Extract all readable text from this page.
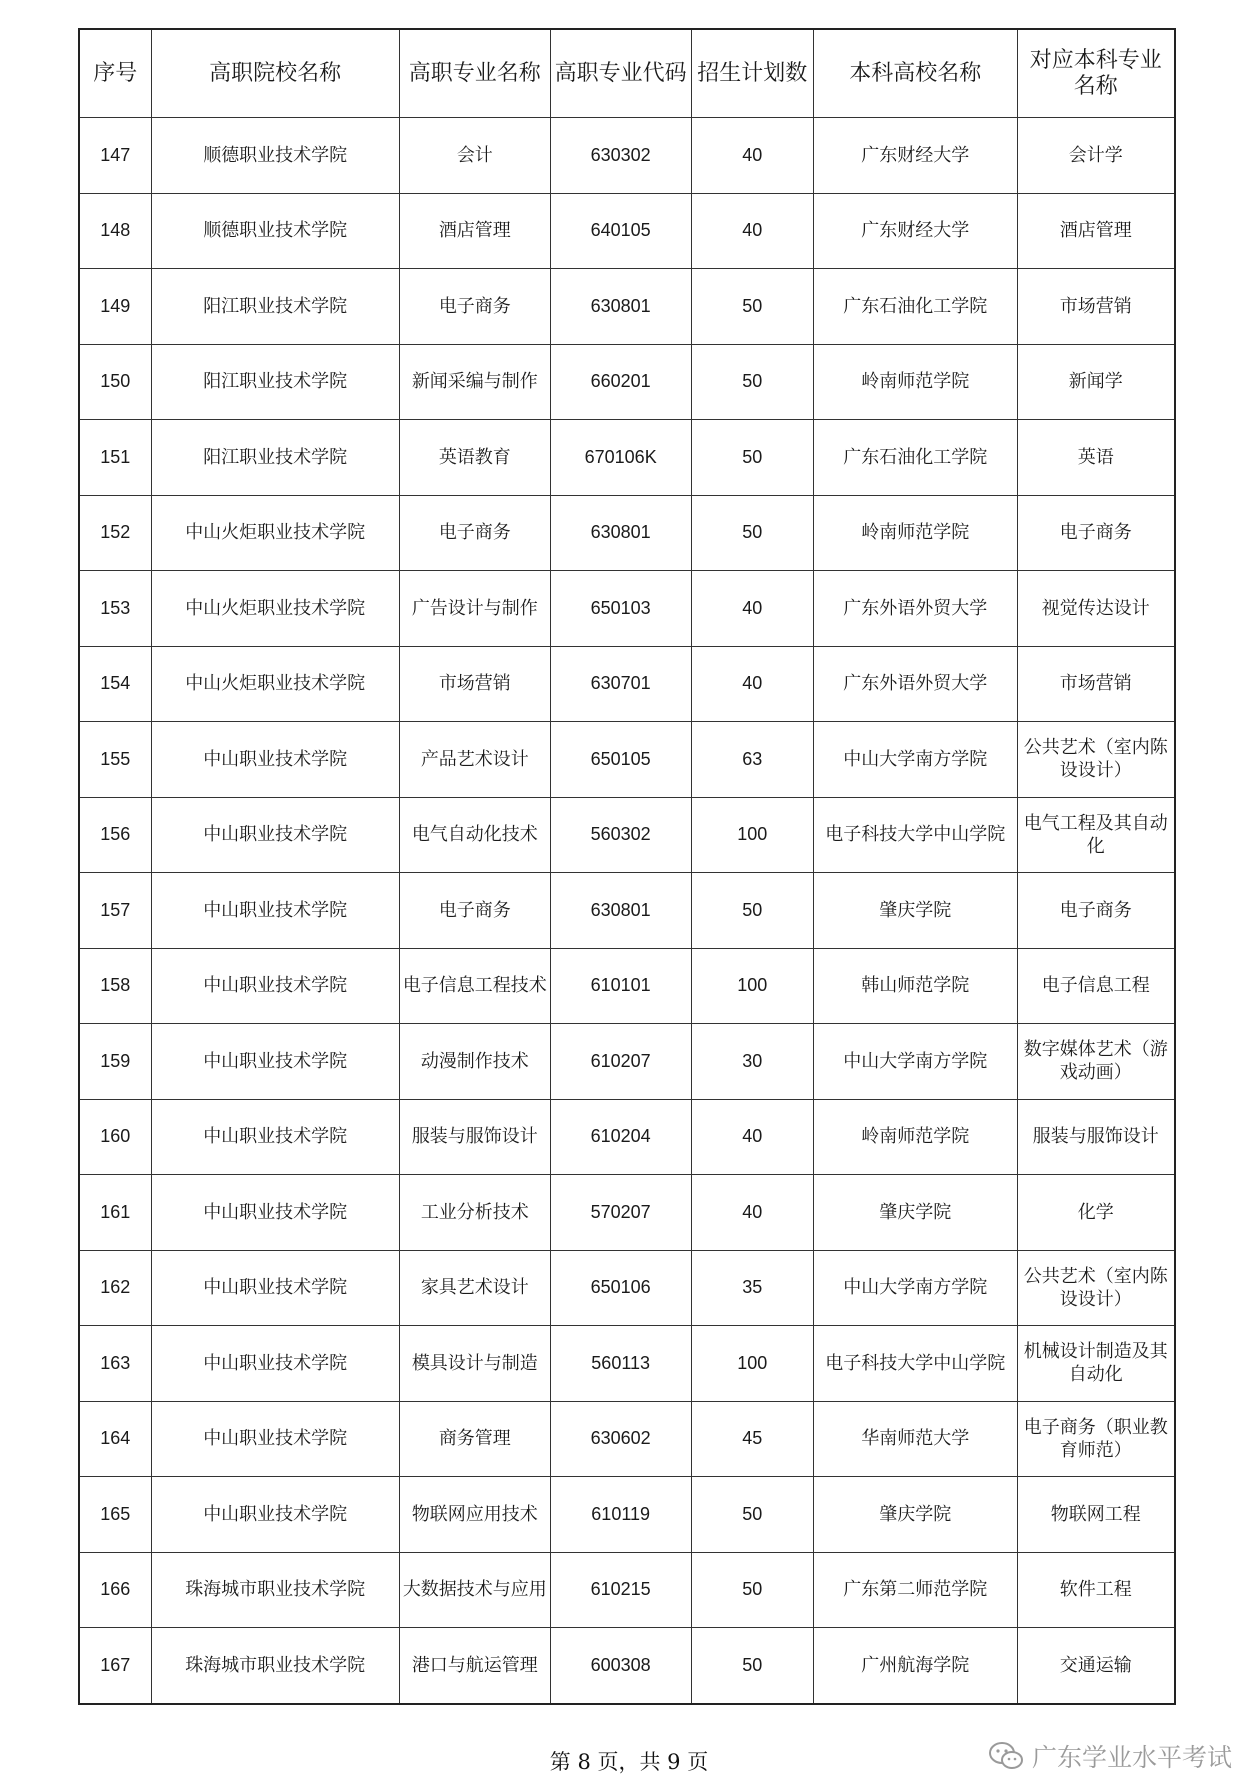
序号	高职院校名称	高职专业名称	高职专业代码	招生计划数	本科高校名称	对应本科专业名称
147	顺德职业技术学院	会计	630302	40	广东财经大学	会计学
148	顺德职业技术学院	酒店管理	640105	40	广东财经大学	酒店管理
149	阳江职业技术学院	电子商务	630801	50	广东石油化工学院	市场营销
150	阳江职业技术学院	新闻采编与制作	660201	50	岭南师范学院	新闻学
151	阳江职业技术学院	英语教育	670106K	50	广东石油化工学院	英语
152	中山火炬职业技术学院	电子商务	630801	50	岭南师范学院	电子商务
153	中山火炬职业技术学院	广告设计与制作	650103	40	广东外语外贸大学	视觉传达设计
154	中山火炬职业技术学院	市场营销	630701	40	广东外语外贸大学	市场营销
155	中山职业技术学院	产品艺术设计	650105	63	中山大学南方学院	公共艺术（室内陈设设计）
156	中山职业技术学院	电气自动化技术	560302	100	电子科技大学中山学院	电气工程及其自动化
157	中山职业技术学院	电子商务	630801	50	肇庆学院	电子商务
158	中山职业技术学院	电子信息工程技术	610101	100	韩山师范学院	电子信息工程
159	中山职业技术学院	动漫制作技术	610207	30	中山大学南方学院	数字媒体艺术（游戏动画）
160	中山职业技术学院	服装与服饰设计	610204	40	岭南师范学院	服装与服饰设计
161	中山职业技术学院	工业分析技术	570207	40	肇庆学院	化学
162	中山职业技术学院	家具艺术设计	650106	35	中山大学南方学院	公共艺术（室内陈设设计）
163	中山职业技术学院	模具设计与制造	560113	100	电子科技大学中山学院	机械设计制造及其自动化
164	中山职业技术学院	商务管理	630602	45	华南师范大学	电子商务（职业教育师范）
165	中山职业技术学院	物联网应用技术	610119	50	肇庆学院	物联网工程
166	珠海城市职业技术学院	大数据技术与应用	610215	50	广东第二师范学院	软件工程
167	珠海城市职业技术学院	港口与航运管理	600308	50	广州航海学院	交通运输
第 8 页，共 9 页	广东学业水平考试
